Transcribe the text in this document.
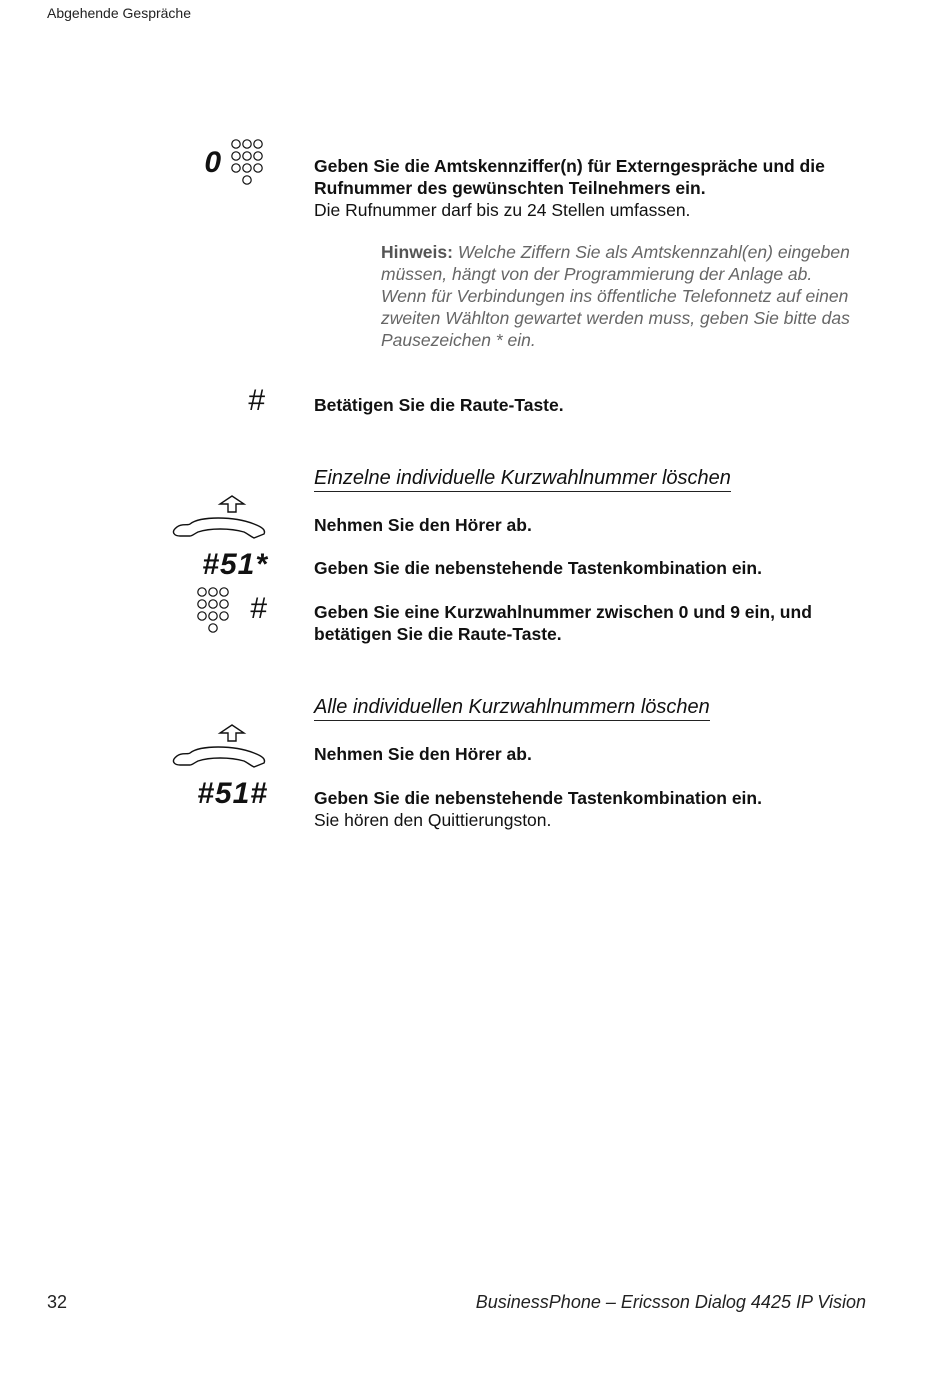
Abgehende Gespräche
0	Geben Sie die Amtskennziffer(n) für Externgespräche und die Rufnummer des gewünschten Teilnehmers ein.
Die Rufnummer darf bis zu 24 Stellen umfassen.
Hinweis: Welche Ziffern Sie als Amtskennzahl(en) eingeben müssen, hängt von der Programmierung der Anlage ab.
Wenn für Verbindungen ins öffentliche Telefonnetz auf einen zweiten Wählton gewartet werden muss, geben Sie bitte das Pausezeichen * ein.
#	Betätigen Sie die Raute-Taste.
Einzelne individuelle Kurzwahlnummer löschen
Nehmen Sie den Hörer ab.
#51*	Geben Sie die nebenstehende Tastenkombination ein.
#	Geben Sie eine Kurzwahlnummer zwischen 0 und 9 ein, und betätigen Sie die Raute-Taste.
Alle individuellen Kurzwahlnummern löschen
Nehmen Sie den Hörer ab.
#51#	Geben Sie die nebenstehende Tastenkombination ein.
Sie hören den Quittierungston.
32	BusinessPhone – Ericsson Dialog 4425 IP Vision
